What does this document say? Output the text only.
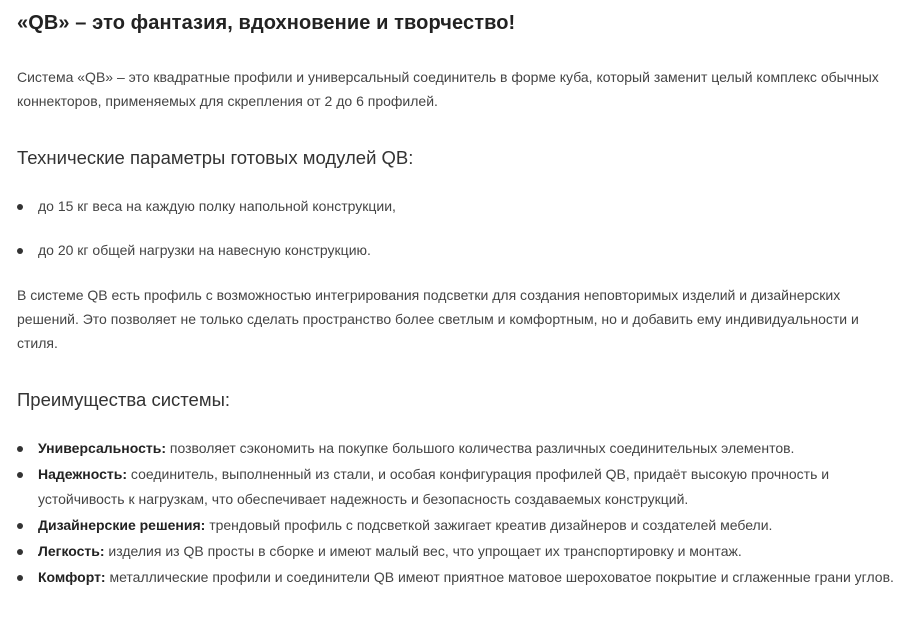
«QB» – это фантазия, вдохновение и творчество!

Система «QB» – это квадратные профили и универсальный соединитель в форме куба, который заменит целый комплекс обычных коннекторов, применяемых для скрепления от 2 до 6 профилей.

Технические параметры готовых модулей QB:
до 15 кг веса на каждую полку напольной конструкции,
до 20 кг общей нагрузки на навесную конструкцию.

В системе QB есть профиль с возможностью интегрирования подсветки для создания неповторимых изделий и дизайнерских решений. Это позволяет не только сделать пространство более светлым и комфортным, но и добавить ему индивидуальности и стиля.

Преимущества системы:
Универсальность: позволяет сэкономить на покупке большого количества различных соединительных элементов.
Надежность: соединитель, выполненный из стали, и особая конфигурация профилей QB, придаёт высокую прочность и устойчивость к нагрузкам, что обеспечивает надежность и безопасность создаваемых конструкций.
Дизайнерские решения: трендовый профиль с подсветкой зажигает креатив дизайнеров и создателей мебели.
Легкость: изделия из QB просты в сборке и имеют малый вес, что упрощает их транспортировку и монтаж.
Комфорт: металлические профили и соединители QB имеют приятное матовое шероховатое покрытие и сглаженные грани углов.
